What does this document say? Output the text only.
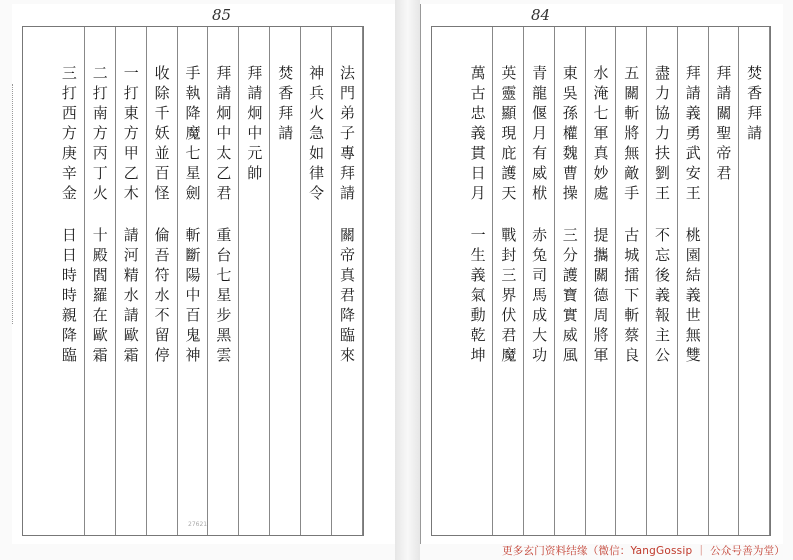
85
法門弟子專拜請
關帝真君降臨來
神兵火急如律令
焚香拜請
拜請炯中元帥
拜請炯中太乙君
重台七星步黑雲
手執降魔七星劍
斬斷陽中百鬼神
收除千妖並百怪
倫吾符水不留停
一打東方甲乙木
請河精水請歐霜
二打南方丙丁火
十殿閻羅在歐霜
三打西方庚辛金
日日時時親降臨
27621
84
焚香拜請
拜請關聖帝君
拜請義勇武安王
桃園結義世無雙
盡力協力扶劉王
不忘後義報主公
五關斬將無敵手
古城擂下斬蔡良
水淹七軍真妙處
提攜關德周將軍
東吳孫權魏曹操
三分護寶實威風
青龍偃月有威栿
赤兔司馬成大功
英靈顯現庇護天
戰封三界伏君魔
萬古忠義貫日月
一生義氣動乾坤
更多玄门资料结缘（微信：YangGossip ｜ 公众号善为堂）
